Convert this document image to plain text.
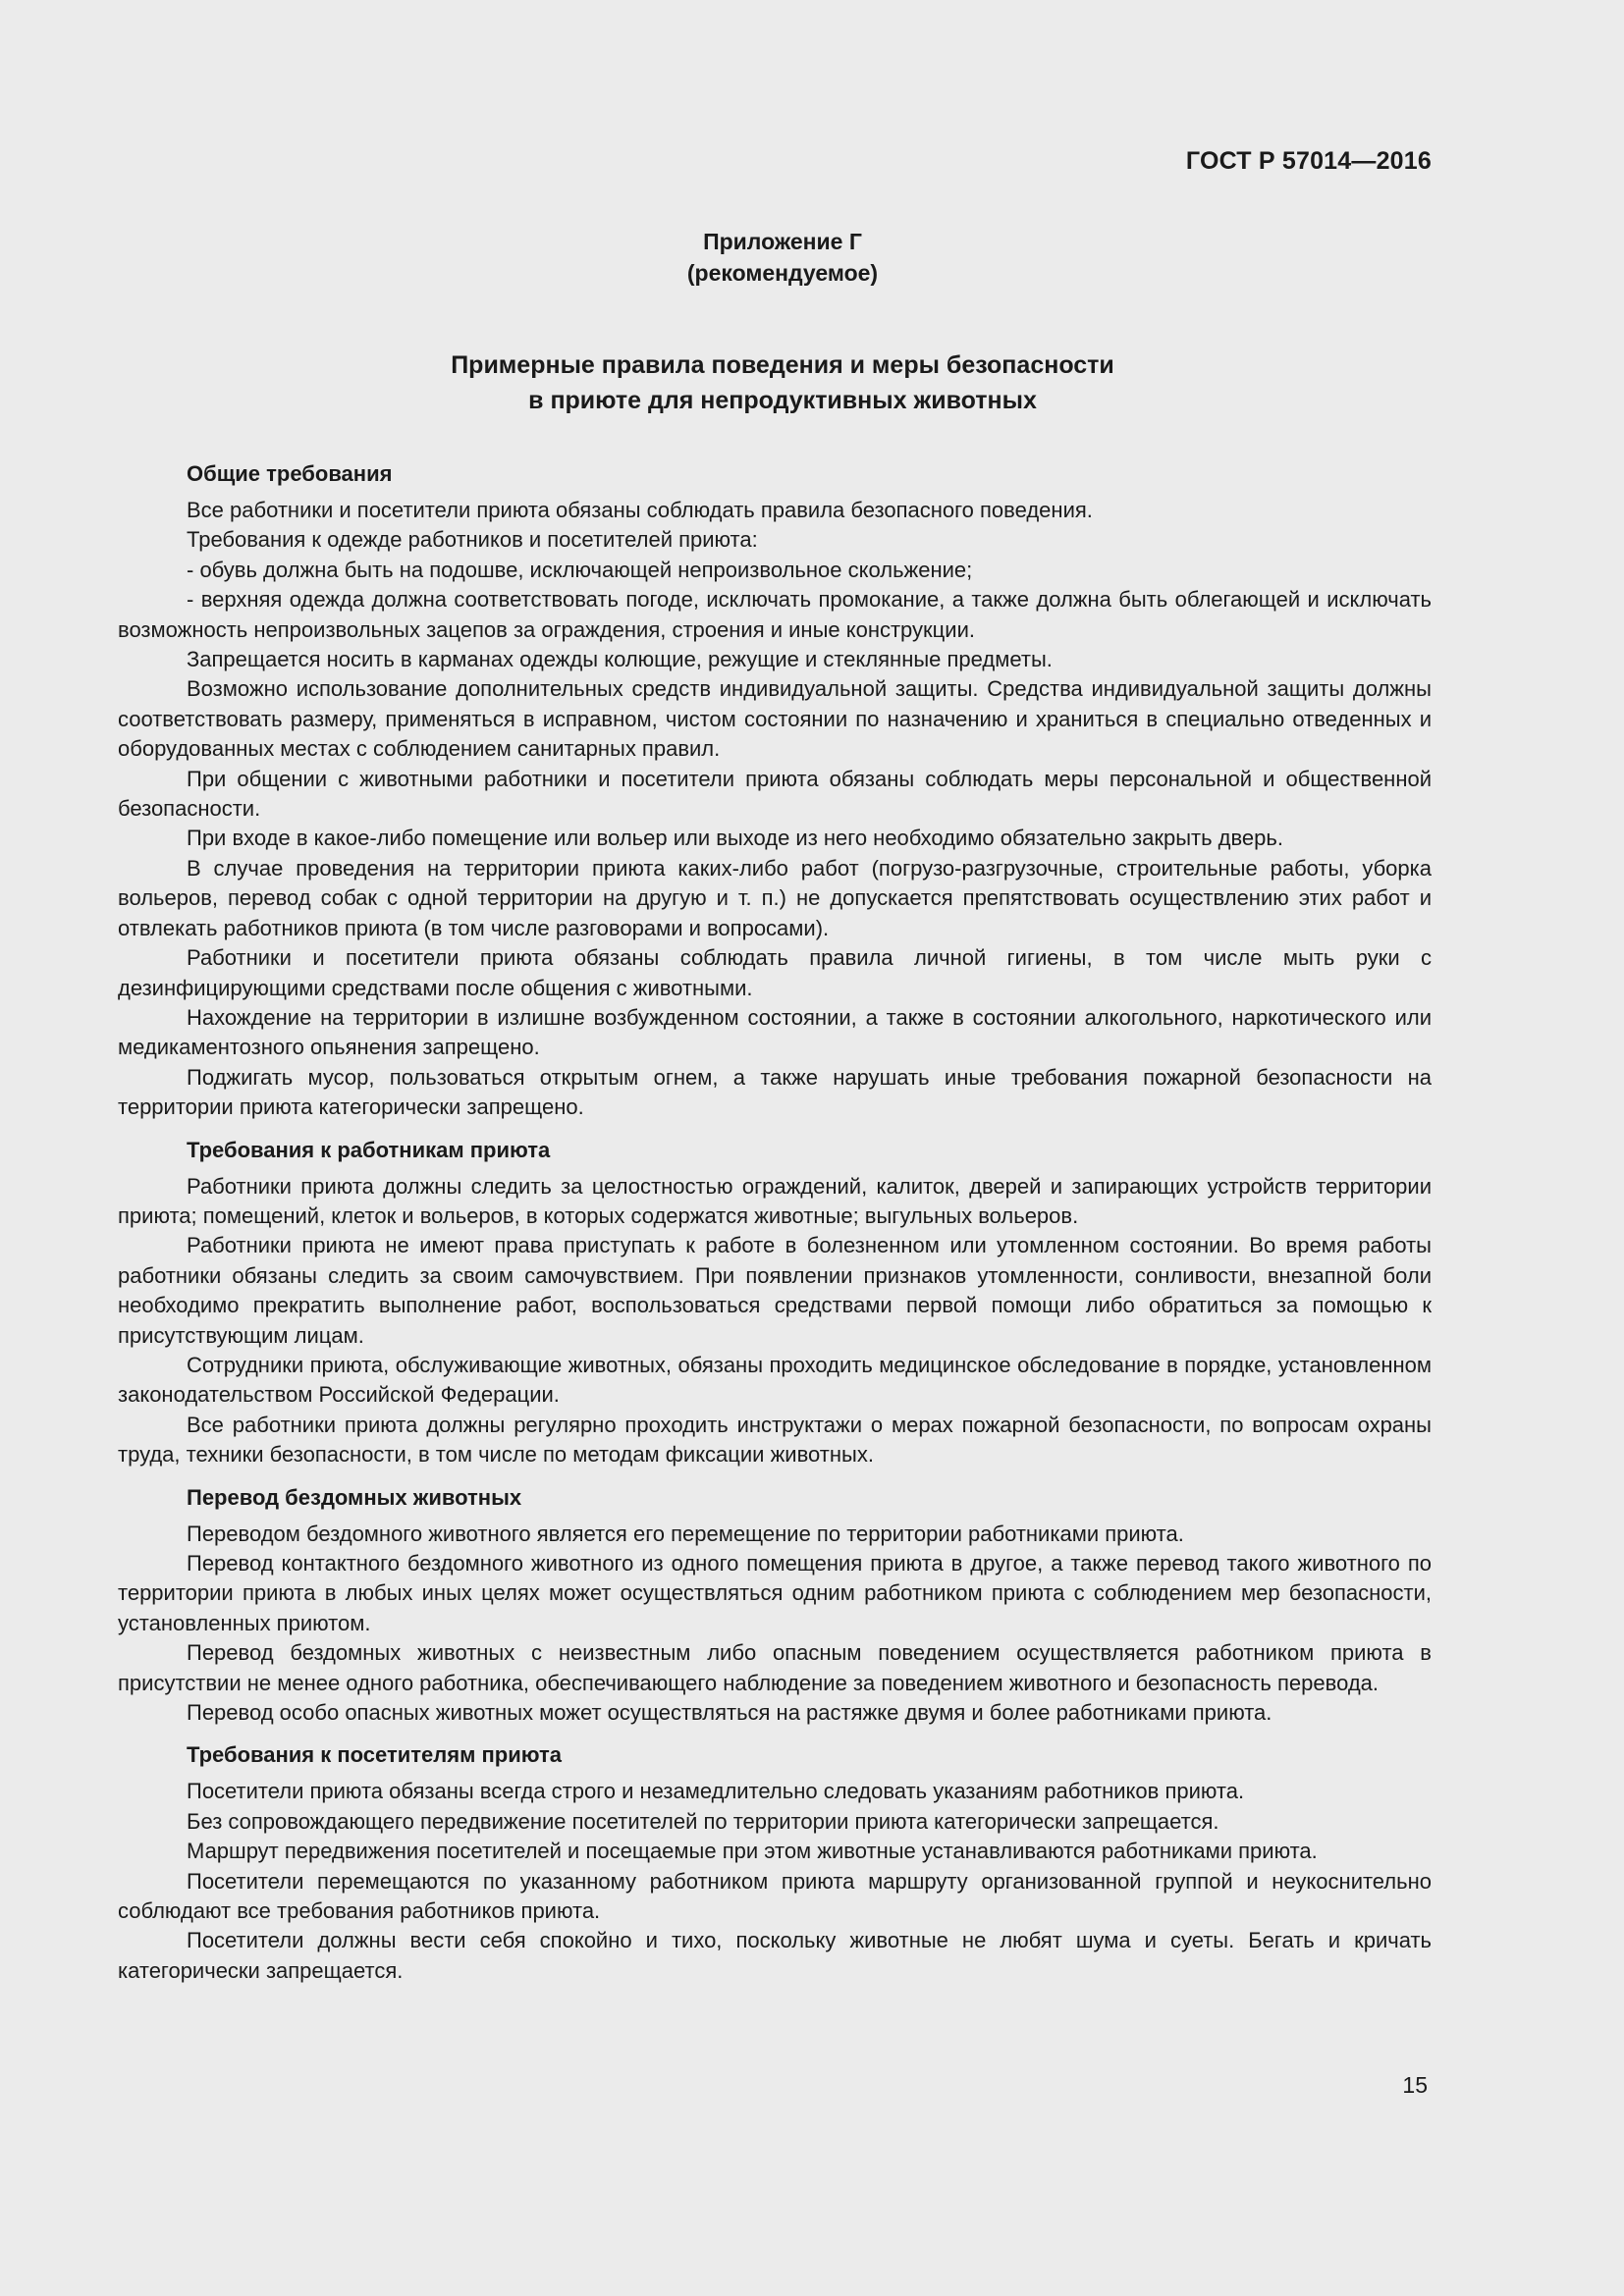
ГОСТ Р 57014—2016
Приложение Г
(рекомендуемое)
Примерные правила поведения и меры безопасности
в приюте для непродуктивных животных
Общие требования

Все работники и посетители приюта обязаны соблюдать правила безопасного поведения.

Требования к одежде работников и посетителей приюта:

- обувь должна быть на подошве, исключающей непроизвольное скольжение;

- верхняя одежда должна соответствовать погоде, исключать промокание, а также должна быть облегающей и исключать возможность непроизвольных зацепов за ограждения, строения и иные конструкции.

Запрещается носить в карманах одежды колющие, режущие и стеклянные предметы.

Возможно использование дополнительных средств индивидуальной защиты. Средства индивидуальной защиты должны соответствовать размеру, применяться в исправном, чистом состоянии по назначению и храниться в специально отведенных и оборудованных местах с соблюдением санитарных правил.

При общении с животными работники и посетители приюта обязаны соблюдать меры персональной и общественной безопасности.

При входе в какое-либо помещение или вольер или выходе из него необходимо обязательно закрыть дверь.

В случае проведения на территории приюта каких-либо работ (погрузо-разгрузочные, строительные работы, уборка вольеров, перевод собак с одной территории на другую и т. п.) не допускается препятствовать осуществлению этих работ и отвлекать работников приюта (в том числе разговорами и вопросами).

Работники и посетители приюта обязаны соблюдать правила личной гигиены, в том числе мыть руки с дезинфицирующими средствами после общения с животными.

Нахождение на территории в излишне возбужденном состоянии, а также в состоянии алкогольного, наркотического или медикаментозного опьянения запрещено.

Поджигать мусор, пользоваться открытым огнем, а также нарушать иные требования пожарной безопасности на территории приюта категорически запрещено.

Требования к работникам приюта

Работники приюта должны следить за целостностью ограждений, калиток, дверей и запирающих устройств территории приюта; помещений, клеток и вольеров, в которых содержатся животные; выгульных вольеров.

Работники приюта не имеют права приступать к работе в болезненном или утомленном состоянии. Во время работы работники обязаны следить за своим самочувствием. При появлении признаков утомленности, сонливости, внезапной боли необходимо прекратить выполнение работ, воспользоваться средствами первой помощи либо обратиться за помощью к присутствующим лицам.

Сотрудники приюта, обслуживающие животных, обязаны проходить медицинское обследование в порядке, установленном законодательством Российской Федерации.

Все работники приюта должны регулярно проходить инструктажи о мерах пожарной безопасности, по вопросам охраны труда, техники безопасности, в том числе по методам фиксации животных.

Перевод бездомных животных

Переводом бездомного животного является его перемещение по территории работниками приюта.

Перевод контактного бездомного животного из одного помещения приюта в другое, а также перевод такого животного по территории приюта в любых иных целях может осуществляться одним работником приюта с соблюдением мер безопасности, установленных приютом.

Перевод бездомных животных с неизвестным либо опасным поведением осуществляется работником приюта в присутствии не менее одного работника, обеспечивающего наблюдение за поведением животного и безопасность перевода.

Перевод особо опасных животных может осуществляться на растяжке двумя и более работниками приюта.

Требования к посетителям приюта

Посетители приюта обязаны всегда строго и незамедлительно следовать указаниям работников приюта.

Без сопровождающего передвижение посетителей по территории приюта категорически запрещается.

Маршрут передвижения посетителей и посещаемые при этом животные устанавливаются работниками приюта.

Посетители перемещаются по указанному работником приюта маршруту организованной группой и неукоснительно соблюдают все требования работников приюта.

Посетители должны вести себя спокойно и тихо, поскольку животные не любят шума и суеты. Бегать и кричать категорически запрещается.

15
